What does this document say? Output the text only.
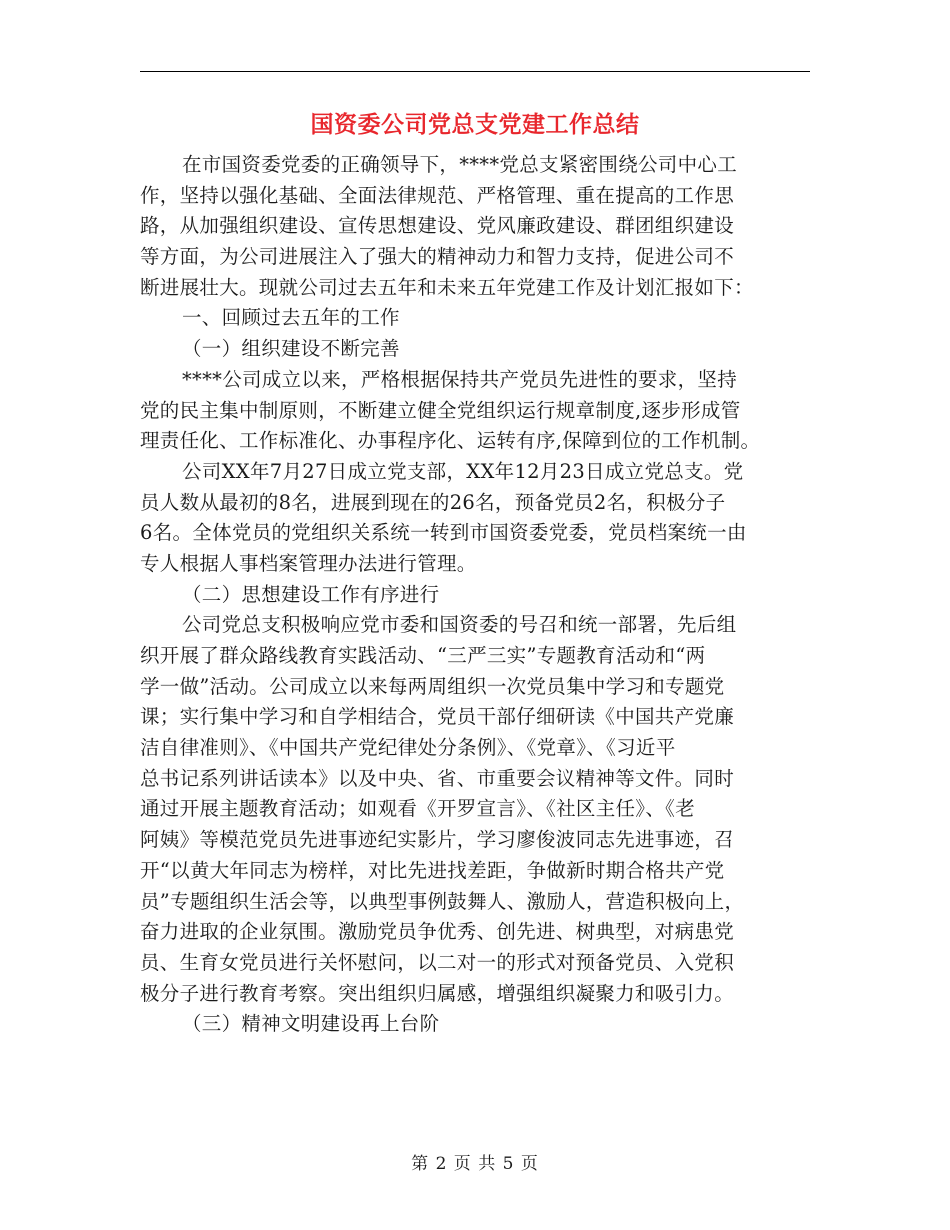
国资委公司党总支党建工作总结
在市国资委党委的正确领导下，****党总支紧密围绕公司中心工
作，坚持以强化基础、全面法律规范、严格管理、重在提高的工作思
路，从加强组织建设、宣传思想建设、党风廉政建设、群团组织建设
等方面，为公司进展注入了强大的精神动力和智力支持，促进公司不
断进展壮大。现就公司过去五年和未来五年党建工作及计划汇报如下：
一、回顾过去五年的工作
（一）组织建设不断完善
****公司成立以来，严格根据保持共产党员先进性的要求，坚持
党的民主集中制原则，不断建立健全党组织运行规章制度,逐步形成管
理责任化、工作标准化、办事程序化、运转有序,保障到位的工作机制。
公司XX年7月27日成立党支部，XX年12月23日成立党总支。党
员人数从最初的8名，进展到现在的26名，预备党员2名，积极分子
6名。全体党员的党组织关系统一转到市国资委党委，党员档案统一由
专人根据人事档案管理办法进行管理。
（二）思想建设工作有序进行
公司党总支积极响应党市委和国资委的号召和统一部署，先后组
织开展了群众路线教育实践活动、“三严三实”专题教育活动和“两
学一做”活动。公司成立以来每两周组织一次党员集中学习和专题党
课；实行集中学习和自学相结合，党员干部仔细研读《中国共产党廉
洁自律准则》、《中国共产党纪律处分条例》、《党章》、《习近平
总书记系列讲话读本》以及中央、省、市重要会议精神等文件。同时
通过开展主题教育活动；如观看《开罗宣言》、《社区主任》、《老
阿姨》等模范党员先进事迹纪实影片，学习廖俊波同志先进事迹，召
开“以黄大年同志为榜样，对比先进找差距，争做新时期合格共产党
员”专题组织生活会等，以典型事例鼓舞人、激励人，营造积极向上，
奋力进取的企业氛围。激励党员争优秀、创先进、树典型，对病患党
员、生育女党员进行关怀慰问，以二对一的形式对预备党员、入党积
极分子进行教育考察。突出组织归属感，增强组织凝聚力和吸引力。
（三）精神文明建设再上台阶
第 2 页 共 5 页
